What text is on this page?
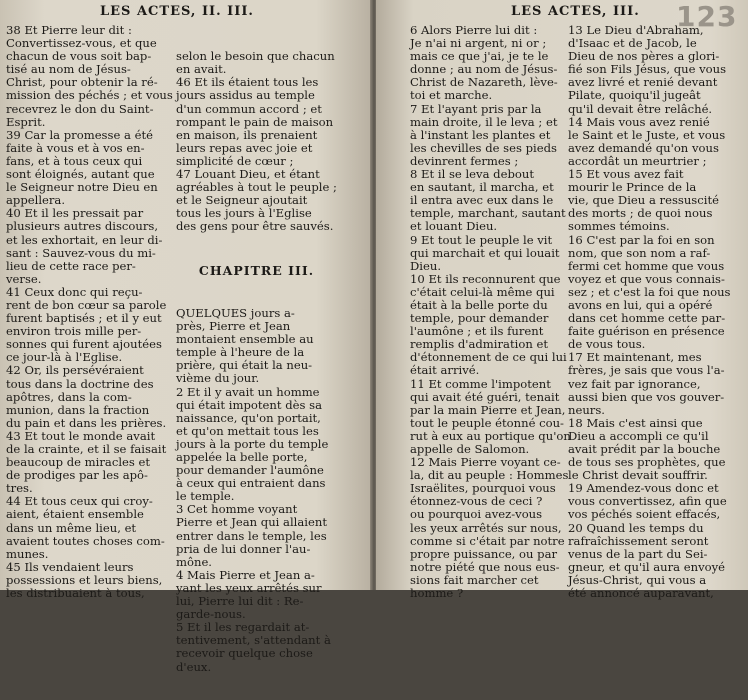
LES ACTES, II. III.

38 Et Pierre leur dit :

Convertissez-vous, et que

chacun de vous soit bap-

tisé au nom de Jésus-

Christ, pour obtenir la ré-

mission des péchés ; et vous

recevrez le don du Saint-

Esprit.

39 Car la promesse a été

faite à vous et à vos en-

fans, et à tous ceux qui

sont éloignés, autant que

le Seigneur notre Dieu en

appellera.

40 Et il les pressait par

plusieurs autres discours,

et les exhortait, en leur di-

sant : Sauvez-vous du mi-

lieu de cette race per-

verse.

41 Ceux donc qui reçu-

rent de bon cœur sa parole

furent baptisés ; et il y eut

environ trois mille per-

sonnes qui furent ajoutées

ce jour-là à l'Eglise.

42 Or, ils persévéraient

tous dans la doctrine des

apôtres, dans la com-

munion, dans la fraction

du pain et dans les prières.

43 Et tout le monde avait

de la crainte, et il se faisait

beaucoup de miracles et

de prodiges par les apô-

tres.

44 Et tous ceux qui croy-

aient, étaient ensemble

dans un même lieu, et

avaient toutes choses com-

munes.

45 Ils vendaient leurs

possessions et leurs biens,

les distribuaient à tous,

selon le besoin que chacun

en avait.

46 Et ils étaient tous les

jours assidus au temple

d'un commun accord ; et

rompant le pain de maison

en maison, ils prenaient

leurs repas avec joie et

simplicité de cœur ;

47 Louant Dieu, et étant

agréables à tout le peuple ;

et le Seigneur ajoutait

tous les jours à l'Eglise

des gens pour être sauvés.

CHAPITRE III.

QUELQUES jours a-

près, Pierre et Jean

montaient ensemble au

temple à l'heure de la

prière, qui était la neu-

vième du jour.

2 Et il y avait un homme

qui était impotent dès sa

naissance, qu'on portait,

et qu'on mettait tous les

jours à la porte du temple

appelée la belle porte,

pour demander l'aumône

à ceux qui entraient dans

le temple.

3 Cet homme voyant

Pierre et Jean qui allaient

entrer dans le temple, les

pria de lui donner l'au-

mône.

4 Mais Pierre et Jean a-

yant les yeux arrêtés sur

lui, Pierre lui dit : Re-

garde-nous.

5 Et il les regardait at-

tentivement, s'attendant à

recevoir quelque chose

d'eux.

LES ACTES, III. 123

6 Alors Pierre lui dit :

Je n'ai ni argent, ni or ;

mais ce que j'ai, je te le

donne ; au nom de Jésus-

Christ de Nazareth, lève-

toi et marche.

7 Et l'ayant pris par la

main droite, il le leva ; et

à l'instant les plantes et

les chevilles de ses pieds

devinrent fermes ;

8 Et il se leva debout

en sautant, il marcha, et

il entra avec eux dans le

temple, marchant, sautant

et louant Dieu.

9 Et tout le peuple le vit

qui marchait et qui louait

Dieu.

10 Et ils reconnurent que

c'était celui-là même qui

était à la belle porte du

temple, pour demander

l'aumône ; et ils furent

remplis d'admiration et

d'étonnement de ce qui lui

était arrivé.

11 Et comme l'impotent

qui avait été guéri, tenait

par la main Pierre et Jean,

tout le peuple étonné cou-

rut à eux au portique qu'on

appelle de Salomon.

12 Mais Pierre voyant ce-

la, dit au peuple : Hommes

Israëlites, pourquoi vous

étonnez-vous de ceci ?

ou pourquoi avez-vous

les yeux arrêtés sur nous,

comme si c'était par notre

propre puissance, ou par

notre piété que nous eus-

sions fait marcher cet

homme ?

13 Le Dieu d'Abraham,

d'Isaac et de Jacob, le

Dieu de nos pères a glori-

fié son Fils Jésus, que vous

avez livré et renié devant

Pilate, quoiqu'il jugeât

qu'il devait être relâché.

14 Mais vous avez renié

le Saint et le Juste, et vous

avez demandé qu'on vous

accordât un meurtrier ;

15 Et vous avez fait

mourir le Prince de la

vie, que Dieu a ressuscité

des morts ; de quoi nous

sommes témoins.

16 C'est par la foi en son

nom, que son nom a raf-

fermi cet homme que vous

voyez et que vous connais-

sez ; et c'est la foi que nous

avons en lui, qui a opéré

dans cet homme cette par-

faite guérison en présence

de vous tous.

17 Et maintenant, mes

frères, je sais que vous l'a-

vez fait par ignorance,

aussi bien que vos gouver-

neurs.

18 Mais c'est ainsi que

Dieu a accompli ce qu'il

avait prédit par la bouche

de tous ses prophètes, que

le Christ devait souffrir.

19 Amendez-vous donc et

vous convertissez, afin que

vos péchés soient effacés,

20 Quand les temps du

rafraîchissement seront

venus de la part du Sei-

gneur, et qu'il aura envoyé

Jésus-Christ, qui vous a

été annoncé auparavant,
